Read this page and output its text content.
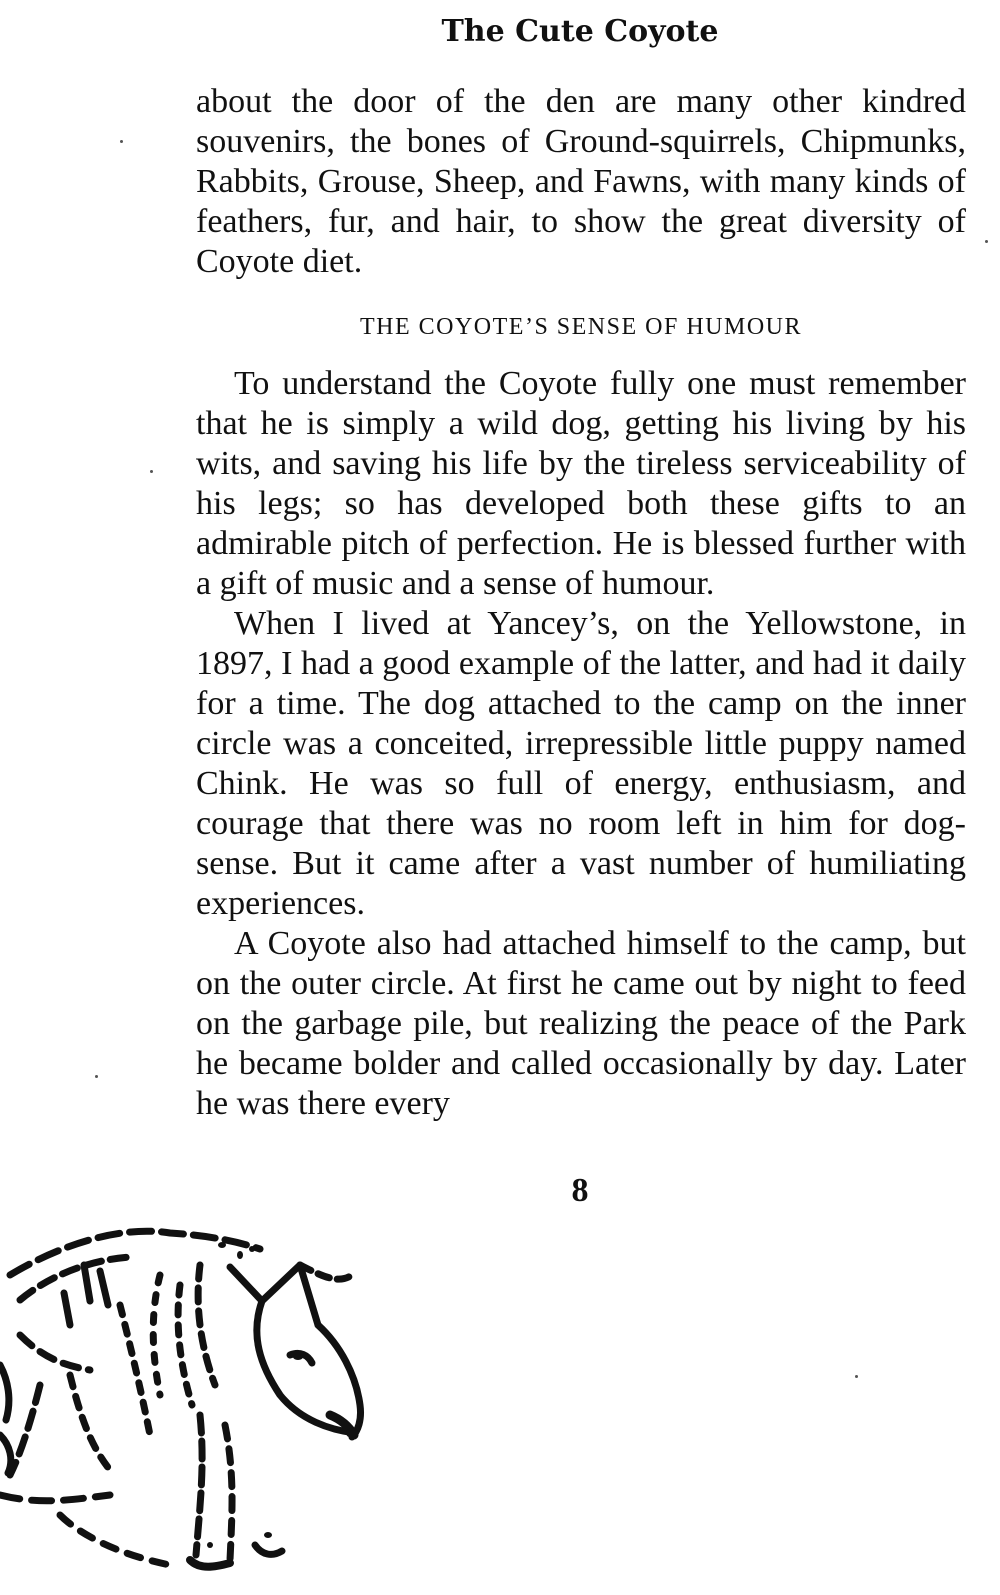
The Cute Coyote

about the door of the den are many other kindred souvenirs, the bones of Ground-squirrels, Chipmunks, Rabbits, Grouse, Sheep, and Fawns, with many kinds of feathers, fur, and hair, to show the great diversity of Coyote diet.

THE COYOTE’S SENSE OF HUMOUR

To understand the Coyote fully one must remember that he is simply a wild dog, getting his living by his wits, and saving his life by the tireless serviceability of his legs; so has developed both these gifts to an admirable pitch of perfection. He is blessed further with a gift of music and a sense of humour.

When I lived at Yancey’s, on the Yellowstone, in 1897, I had a good example of the latter, and had it daily for a time. The dog attached to the camp on the inner circle was a conceited, irrepressible little puppy named Chink. He was so full of energy, enthusiasm, and courage that there was no room left in him for dog-sense. But it came after a vast number of humiliating experiences.

A Coyote also had attached himself to the camp, but on the outer circle. At first he came out by night to feed on the garbage pile, but realizing the peace of the Park he became bolder and called occasionally by day. Later he was there every

8
